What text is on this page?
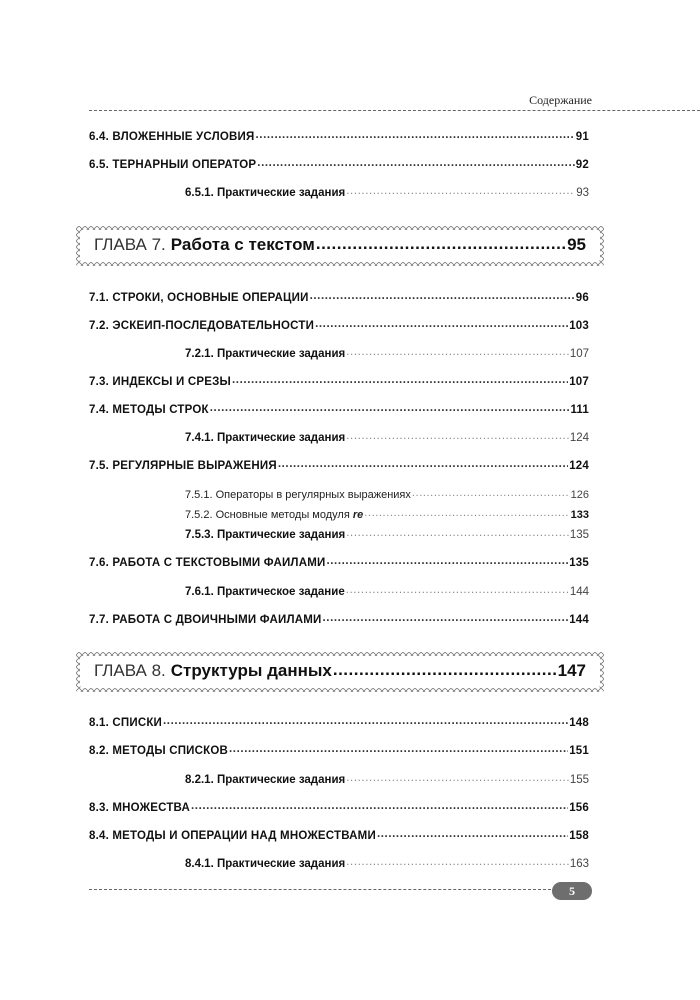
Содержание
6.4. ВЛОЖЕННЫЕ УСЛОВИЯ .....	91
6.5. ТЕРНАРНЫЙ ОПЕРАТОР .....	92
6.5.1. Практические задания .....	93
ГЛАВА 7. Работа с текстом .....	95
7.1. СТРОКИ, ОСНОВНЫЕ ОПЕРАЦИИ .....	96
7.2. ЭСКЕЙП-ПОСЛЕДОВАТЕЛЬНОСТИ .....	103
7.2.1. Практические задания .....	107
7.3. ИНДЕКСЫ И СРЕЗЫ .....	107
7.4. МЕТОДЫ СТРОК .....	111
7.4.1. Практические задания .....	124
7.5. РЕГУЛЯРНЫЕ ВЫРАЖЕНИЯ .....	124
7.5.1. Операторы в регулярных выражениях .....	126
7.5.2. Основные методы модуля re .....	133
7.5.3. Практические задания .....	135
7.6. РАБОТА С ТЕКСТОВЫМИ ФАЙЛАМИ .....	135
7.6.1. Практическое задание .....	144
7.7. РАБОТА С ДВОИЧНЫМИ ФАЙЛАМИ .....	144
ГЛАВА 8. Структуры данных .....	147
8.1. СПИСКИ .....	148
8.2. МЕТОДЫ СПИСКОВ .....	151
8.2.1. Практические задания .....	155
8.3. МНОЖЕСТВА .....	156
8.4. МЕТОДЫ И ОПЕРАЦИИ НАД МНОЖЕСТВАМИ .....	158
8.4.1. Практические задания .....	163
5
